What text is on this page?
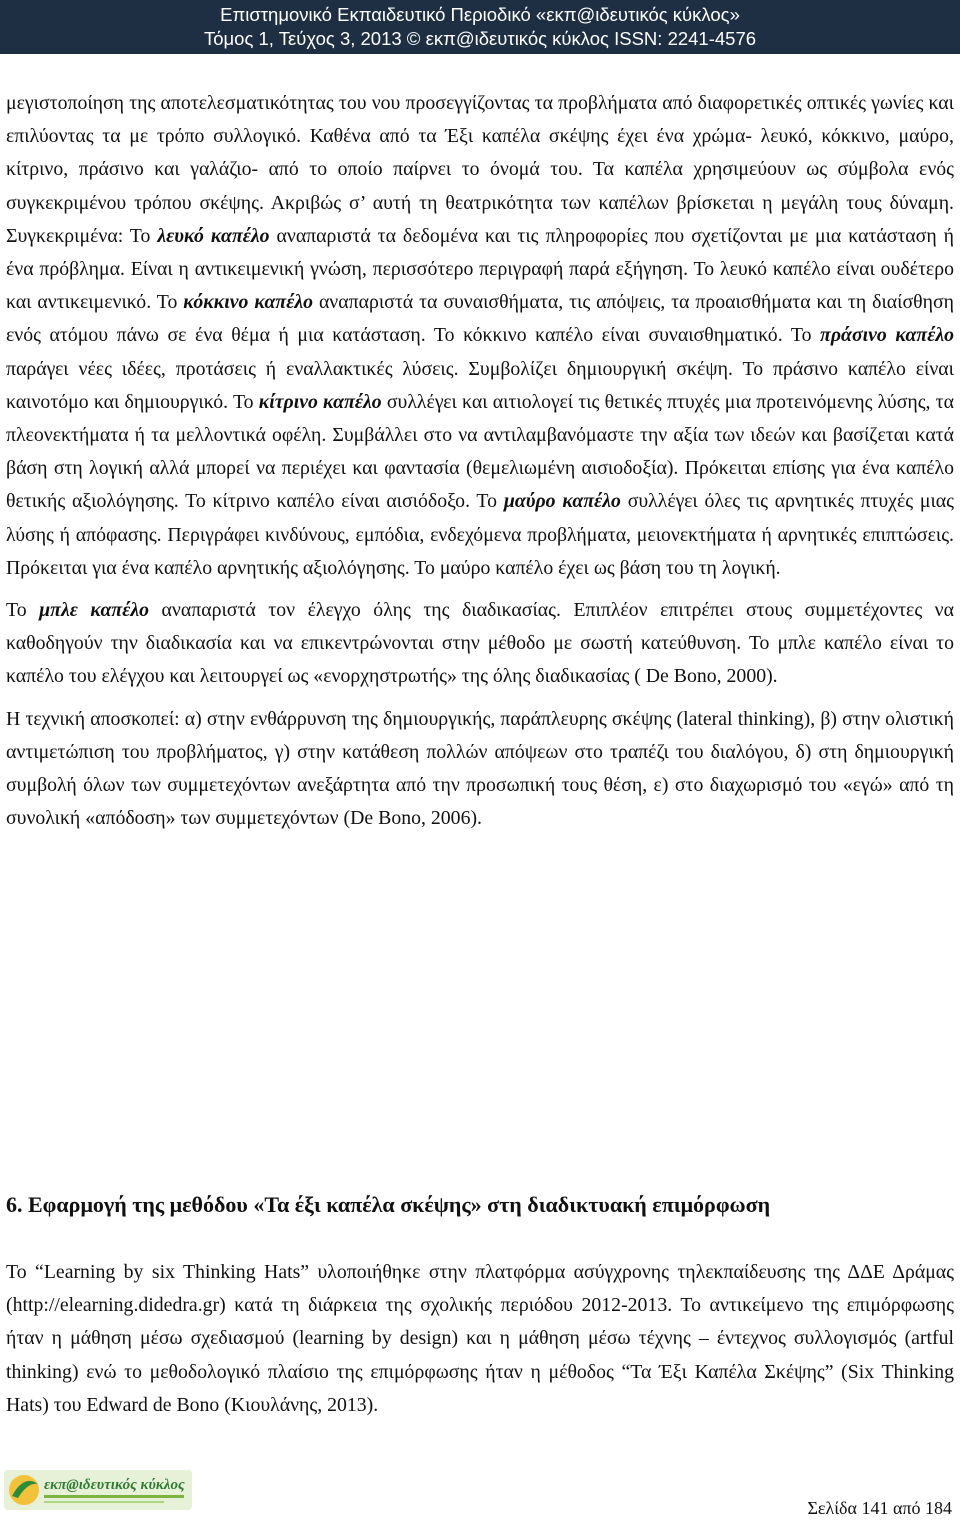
Επιστημονικό Εκπαιδευτικό Περιοδικό «εκπ@ιδευτικός κύκλος»
Τόμος 1, Τεύχος 3, 2013 © εκπ@ιδευτικός κύκλος ISSN: 2241-4576

μεγιστοποίηση της αποτελεσματικότητας του νου προσεγγίζοντας τα προβλήματα από διαφορετικές οπτικές γωνίες και επιλύοντας τα με τρόπο συλλογικό. Καθένα από τα Έξι καπέλα σκέψης έχει ένα χρώμα- λευκό, κόκκινο, μαύρο, κίτρινο, πράσινο και γαλάζιο- από το οποίο παίρνει το όνομά του. Τα καπέλα χρησιμεύουν ως σύμβολα ενός συγκεκριμένου τρόπου σκέψης. Ακριβώς σ’ αυτή τη θεατρικότητα των καπέλων βρίσκεται η μεγάλη τους δύναμη. Συγκεκριμένα: Το λευκό καπέλο αναπαριστά τα δεδομένα και τις πληροφορίες που σχετίζονται με μια κατάσταση ή ένα πρόβλημα. Είναι η αντικειμενική γνώση, περισσότερο περιγραφή παρά εξήγηση. Το λευκό καπέλο είναι ουδέτερο και αντικειμενικό. Το κόκκινο καπέλο αναπαριστά τα συναισθήματα, τις απόψεις, τα προαισθήματα και τη διαίσθηση ενός ατόμου πάνω σε ένα θέμα ή μια κατάσταση. Το κόκκινο καπέλο είναι συναισθηματικό. Το πράσινο καπέλο παράγει νέες ιδέες, προτάσεις ή εναλλακτικές λύσεις. Συμβολίζει δημιουργική σκέψη. Το πράσινο καπέλο είναι καινοτόμο και δημιουργικό. Το κίτρινο καπέλο συλλέγει και αιτιολογεί τις θετικές πτυχές μια προτεινόμενης λύσης, τα πλεονεκτήματα ή τα μελλοντικά οφέλη. Συμβάλλει στο να αντιλαμβανόμαστε την αξία των ιδεών και βασίζεται κατά βάση στη λογική αλλά μπορεί να περιέχει και φαντασία (θεμελιωμένη αισιοδοξία). Πρόκειται επίσης για ένα καπέλο θετικής αξιολόγησης. Το κίτρινο καπέλο είναι αισιόδοξο. Το μαύρο καπέλο συλλέγει όλες τις αρνητικές πτυχές μιας λύσης ή απόφασης. Περιγράφει κινδύνους, εμπόδια, ενδεχόμενα προβλήματα, μειονεκτήματα ή αρνητικές επιπτώσεις. Πρόκειται για ένα καπέλο αρνητικής αξιολόγησης. Το μαύρο καπέλο έχει ως βάση του τη λογική.

Το μπλε καπέλο αναπαριστά τον έλεγχο όλης της διαδικασίας. Επιπλέον επιτρέπει στους συμμετέχοντες να καθοδηγούν την διαδικασία και να επικεντρώνονται στην μέθοδο με σωστή κατεύθυνση. Το μπλε καπέλο είναι το καπέλο του ελέγχου και λειτουργεί ως «ενορχηστρωτής» της όλης διαδικασίας ( De Bono, 2000).

Η τεχνική αποσκοπεί: α) στην ενθάρρυνση της δημιουργικής, παράπλευρης σκέψης (lateral thinking), β) στην ολιστική αντιμετώπιση του προβλήματος, γ) στην κατάθεση πολλών απόψεων στο τραπέζι του διαλόγου, δ) στη δημιουργική συμβολή όλων των συμμετεχόντων ανεξάρτητα από την προσωπική τους θέση, ε) στο διαχωρισμό του «εγώ» από τη συνολική «απόδοση» των συμμετεχόντων (De Bono, 2006).

6. Εφαρμογή της μεθόδου «Τα έξι καπέλα σκέψης» στη διαδικτυακή επιμόρφωση

Το “Learning by six Thinking Hats” υλοποιήθηκε στην πλατφόρμα ασύγχρονης τηλεκπαίδευσης της ΔΔΕ Δράμας (http://elearning.didedra.gr) κατά τη διάρκεια της σχολικής περιόδου 2012-2013. Το αντικείμενο της επιμόρφωσης ήταν η μάθηση μέσω σχεδιασμού (learning by design) και η μάθηση μέσω τέχνης – έντεχνος συλλογισμός (artful thinking) ενώ το μεθοδολογικό πλαίσιο της επιμόρφωσης ήταν η μέθοδος “Τα Έξι Καπέλα Σκέψης” (Six Thinking Hats) του Edward de Bono (Κιουλάνης, 2013).

εκπ@ιδευτικός κύκλος
Σελίδα 141 από 184
